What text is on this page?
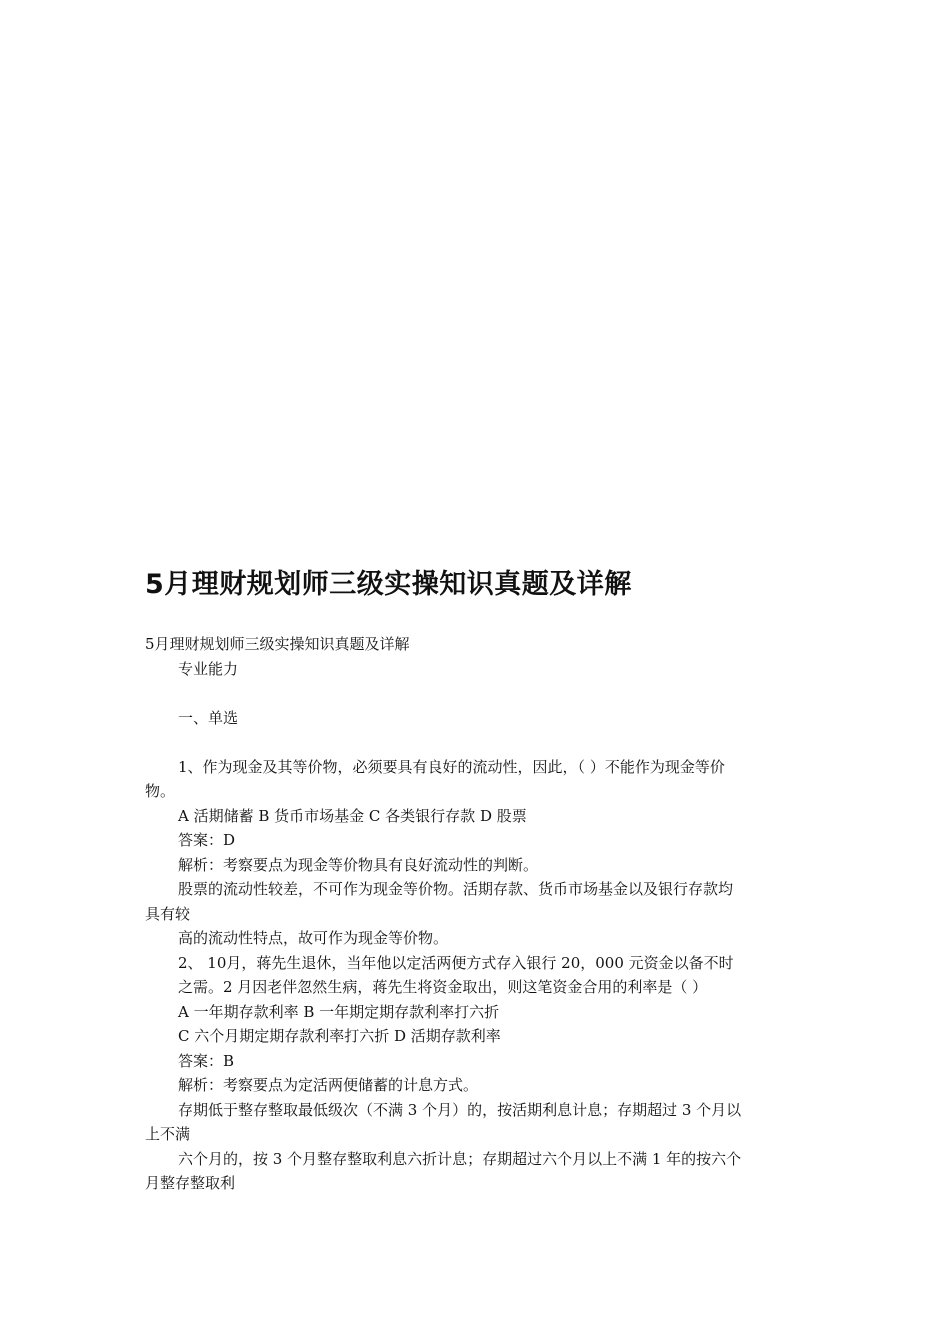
5月理财规划师三级实操知识真题及详解
5月理财规划师三级实操知识真题及详解
专业能力
一、单选
1、作为现金及其等价物，必须要具有良好的流动性，因此，（ ）不能作为现金等价
物。
A 活期储蓄 B 货币市场基金 C 各类银行存款 D 股票
答案：D
解析：考察要点为现金等价物具有良好流动性的判断。
股票的流动性较差，不可作为现金等价物。活期存款、货币市场基金以及银行存款均
具有较
高的流动性特点，故可作为现金等价物。
2、 10月，蒋先生退休，当年他以定活两便方式存入银行 20，000 元资金以备不时
之需。2 月因老伴忽然生病，蒋先生将资金取出，则这笔资金合用的利率是（ ）
A 一年期存款利率 B 一年期定期存款利率打六折
C 六个月期定期存款利率打六折 D 活期存款利率
答案：B
解析：考察要点为定活两便储蓄的计息方式。
存期低于整存整取最低级次（不满 3 个月）的，按活期利息计息；存期超过 3 个月以
上不满
六个月的，按 3 个月整存整取利息六折计息；存期超过六个月以上不满 1 年的按六个
月整存整取利
